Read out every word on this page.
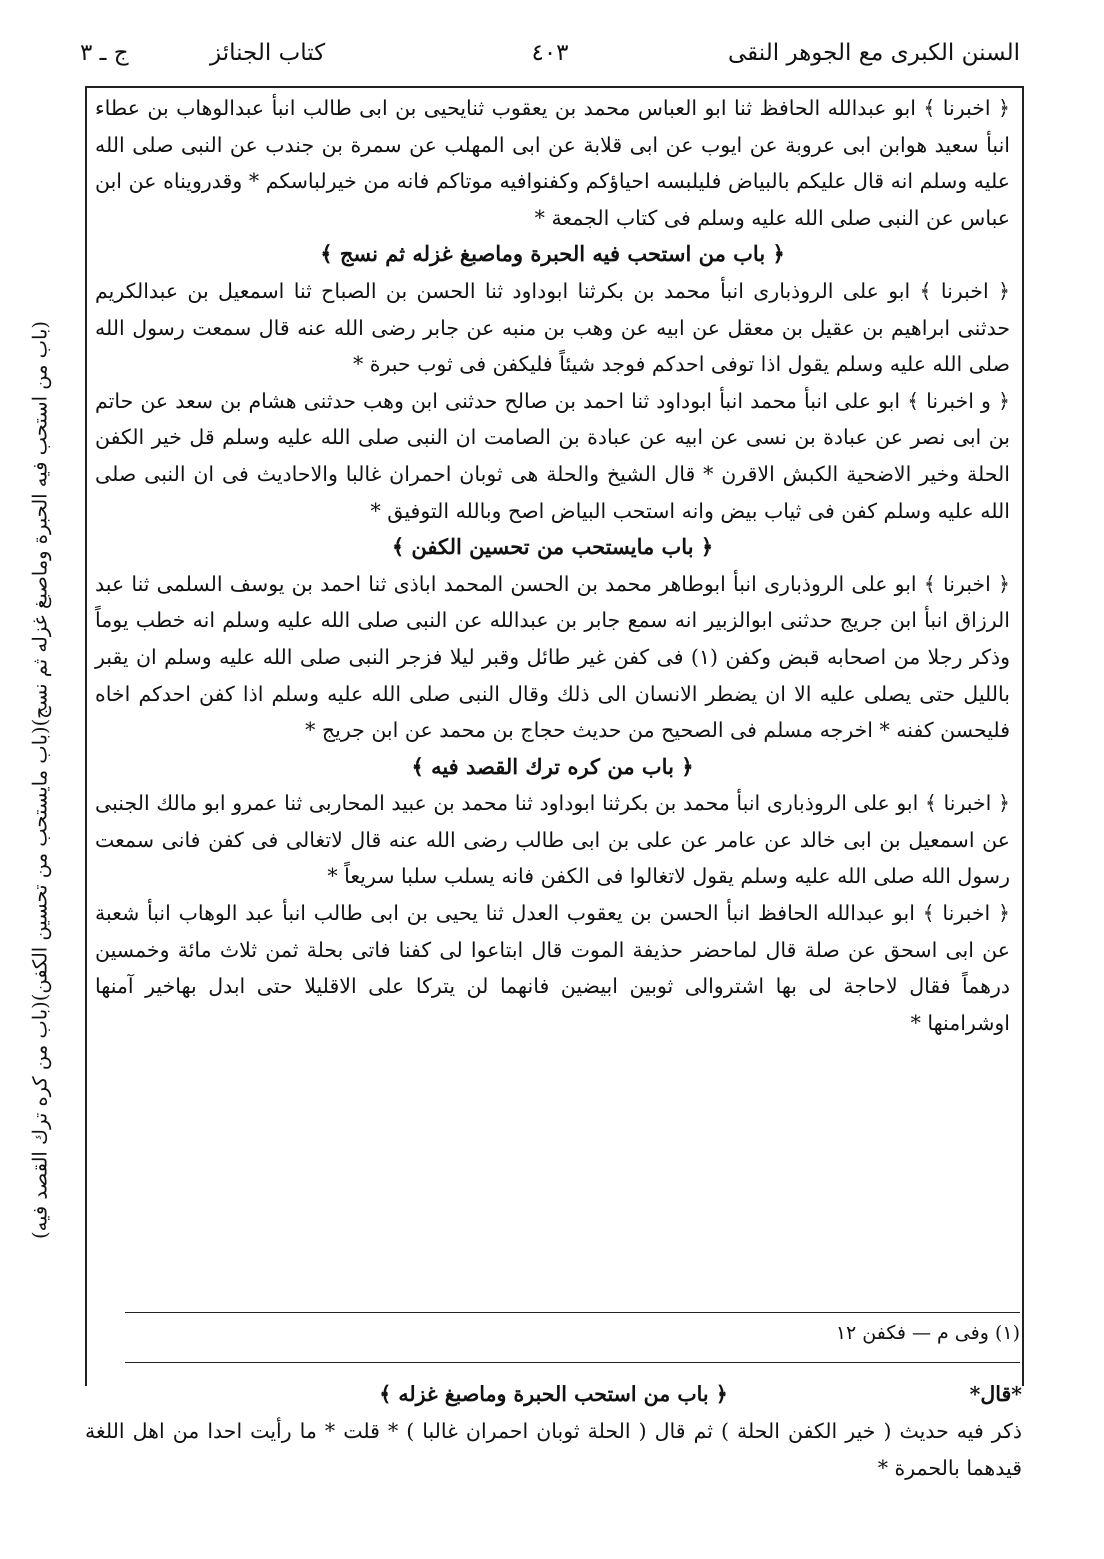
السنن الكبرى مع الجوهر النقى
٤٠٣
كتاب الجنائز
ج ـ ٣

﴿ اخبرنا ﴾ ابو عبدالله الحافظ ثنا ابو العباس محمد بن يعقوب ثنايحيى بن ابى طالب انبأ عبدالوهاب بن عطاء انبأ سعيد هوابن ابى عروبة عن ايوب عن ابى قلابة عن ابى المهلب عن سمرة بن جندب عن النبى صلى الله عليه وسلم انه قال عليكم بالبياض فليلبسه احياؤكم وكفنوافيه موتاكم فانه من خيرلباسكم * وقدرويناه عن ابن عباس عن النبى صلى الله عليه وسلم فى كتاب الجمعة *

﴿ باب من استحب فيه الحبرة وماصبغ غزله ثم نسج ﴾

﴿ اخبرنا ﴾ ابو على الروذبارى انبأ محمد بن بكرثنا ابوداود ثنا الحسن بن الصباح ثنا اسمعيل بن عبدالكريم حدثنى ابراهيم بن عقيل بن معقل عن ابيه عن وهب بن منبه عن جابر رضى الله عنه قال سمعت رسول الله صلى الله عليه وسلم يقول اذا توفى احدكم فوجد شيئاً فليكفن فى ثوب حبرة *

﴿ و اخبرنا ﴾ ابو على انبأ محمد انبأ ابوداود ثنا احمد بن صالح حدثنى ابن وهب حدثنى هشام بن سعد عن حاتم بن ابى نصر عن عبادة بن نسى عن ابيه عن عبادة بن الصامت ان النبى صلى الله عليه وسلم قل خير الكفن الحلة وخير الاضحية الكبش الاقرن * قال الشيخ والحلة هى ثوبان احمران غالبا والاحاديث فى ان النبى صلى الله عليه وسلم كفن فى ثياب بيض وانه استحب البياض اصح وبالله التوفيق *

﴿ باب مايستحب من تحسين الكفن ﴾

﴿ اخبرنا ﴾ ابو على الروذبارى انبأ ابوطاهر محمد بن الحسن المحمد اباذى ثنا احمد بن يوسف السلمى ثنا عبد الرزاق انبأ ابن جريج حدثنى ابوالزبير انه سمع جابر بن عبدالله عن النبى صلى الله عليه وسلم انه خطب يوماً وذكر رجلا من اصحابه قبض وكفن (١) فى كفن غير طائل وقبر ليلا فزجر النبى صلى الله عليه وسلم ان يقبر بالليل حتى يصلى عليه الا ان يضطر الانسان الى ذلك وقال النبى صلى الله عليه وسلم اذا كفن احدكم اخاه فليحسن كفنه * اخرجه مسلم فى الصحيح من حديث حجاج بن محمد عن ابن جريج *

﴿ باب من كره ترك القصد فيه ﴾

﴿ اخبرنا ﴾ ابو على الروذبارى انبأ محمد بن بكرثنا ابوداود ثنا محمد بن عبيد المحاربى ثنا عمرو ابو مالك الجنبى عن اسمعيل بن ابى خالد عن عامر عن على بن ابى طالب رضى الله عنه قال لاتغالى فى كفن فانى سمعت رسول الله صلى الله عليه وسلم يقول لاتغالوا فى الكفن فانه يسلب سلبا سريعاً *

﴿ اخبرنا ﴾ ابو عبدالله الحافظ انبأ الحسن بن يعقوب العدل ثنا يحيى بن ابى طالب انبأ عبد الوهاب انبأ شعبة عن ابى اسحق عن صلة قال لماحضر حذيفة الموت قال ابتاعوا لى كفنا فاتى بحلة ثمن ثلاث مائة وخمسين درهماً فقال لاحاجة لى بها اشتروالى ثوبين ابيضين فانهما لن يتركا على الاقليلا حتى ابدل بهاخير آمنها اوشرامنها *

(باب من استحب فيه الحبرة وماصبغ غزله ثم نسج)(باب مايستحب من تحسين الكفن)(باب من كره ترك القصد فيه)
(١) وفى م — فكفن ١٢
*قال*
﴿ باب من استحب الحبرة وماصبغ غزله ﴾

ذكر فيه حديث ( خير الكفن الحلة ) ثم قال ( الحلة ثوبان احمران غالبا ) * قلت * ما رأيت احدا من اهل اللغة قيدهما بالحمرة *
